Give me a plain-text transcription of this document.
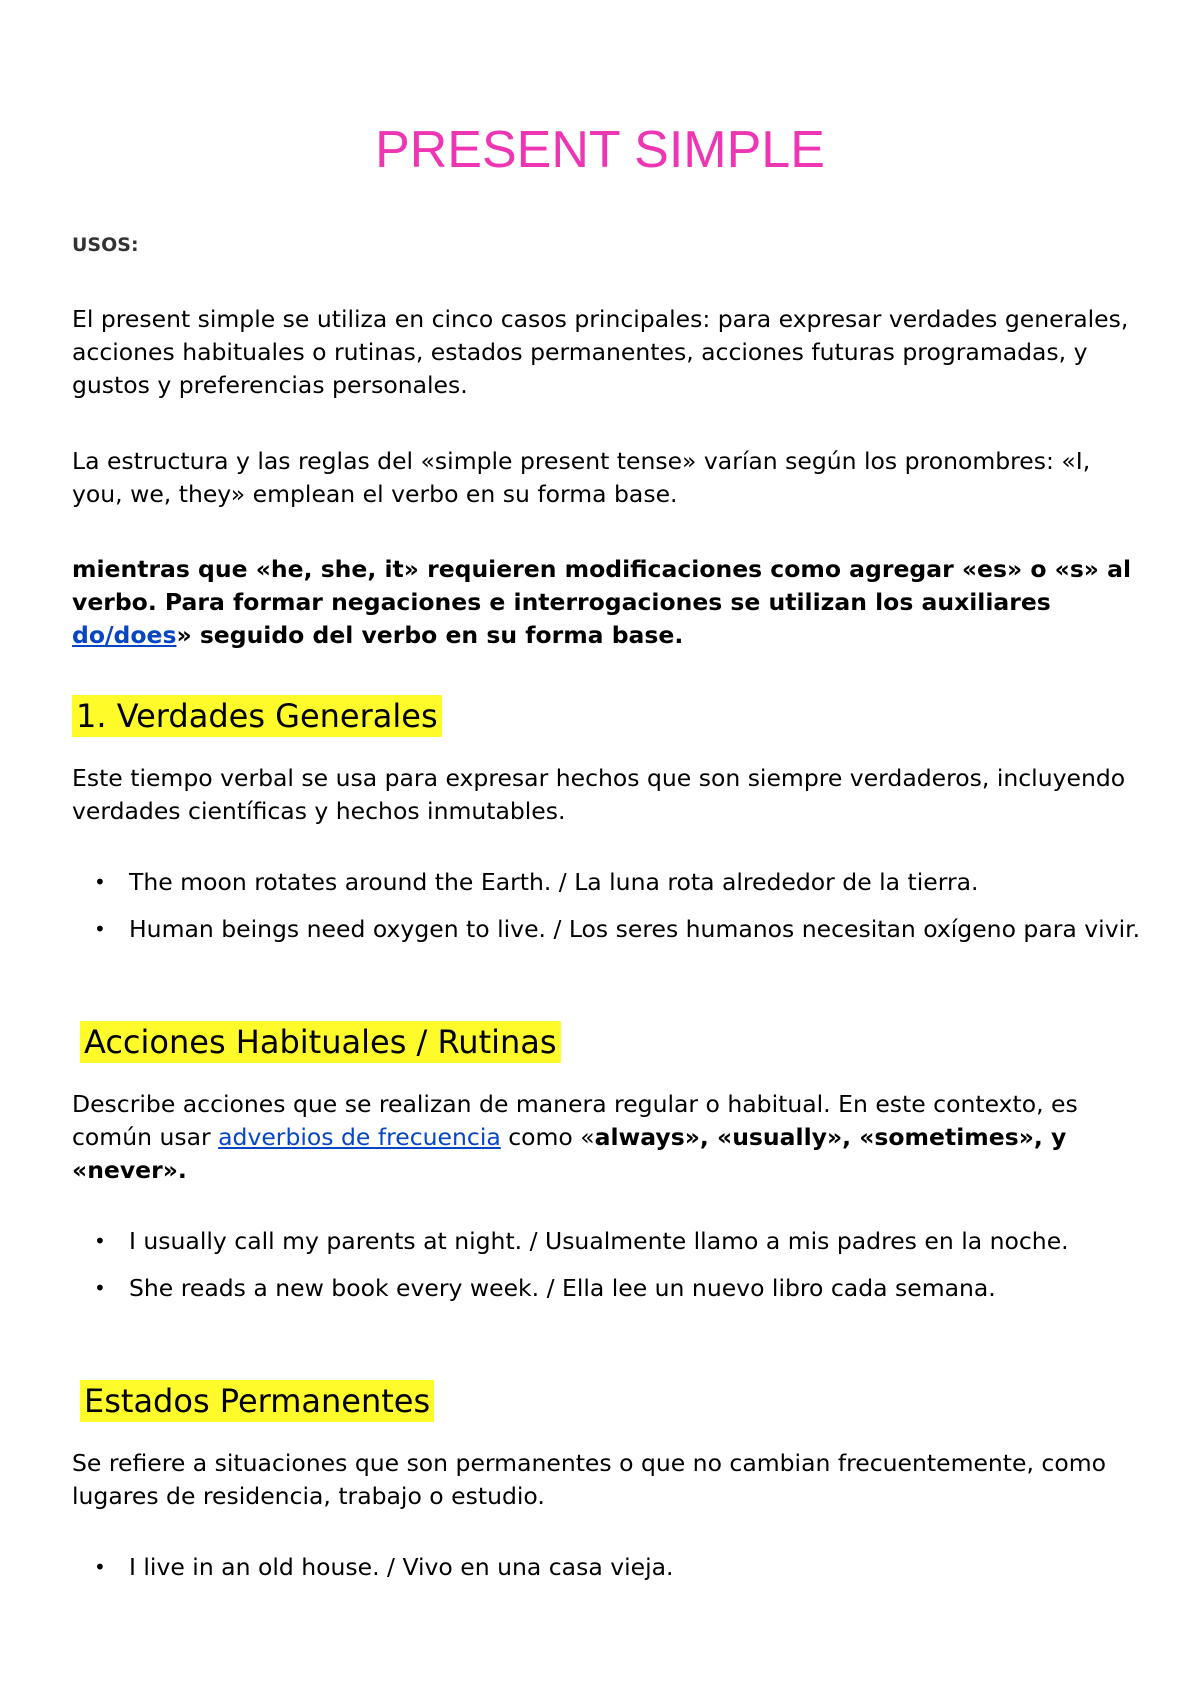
PRESENT SIMPLE
USOS:

El present simple se utiliza en cinco casos principales: para expresar verdades generales, acciones habituales o rutinas, estados permanentes, acciones futuras programadas, y gustos y preferencias personales.

La estructura y las reglas del «simple present tense» varían según los pronombres: «I, you, we, they» emplean el verbo en su forma base.

mientras que «he, she, it» requieren modificaciones como agregar «es» o «s» al verbo. Para formar negaciones e interrogaciones se utilizan los auxiliares do/does» seguido del verbo en su forma base.

1. Verdades Generales

Este tiempo verbal se usa para expresar hechos que son siempre verdaderos, incluyendo verdades científicas y hechos inmutables.

• The moon rotates around the Earth. / La luna rota alrededor de la tierra.
• Human beings need oxygen to live. / Los seres humanos necesitan oxígeno para vivir.
Acciones Habituales / Rutinas

Describe acciones que se realizan de manera regular o habitual. En este contexto, es común usar adverbios de frecuencia como «always», «usually», «sometimes», y «never».

• I usually call my parents at night. / Usualmente llamo a mis padres en la noche.
• She reads a new book every week. / Ella lee un nuevo libro cada semana.
Estados Permanentes

Se refiere a situaciones que son permanentes o que no cambian frecuentemente, como lugares de residencia, trabajo o estudio.

• I live in an old house. / Vivo en una casa vieja.
